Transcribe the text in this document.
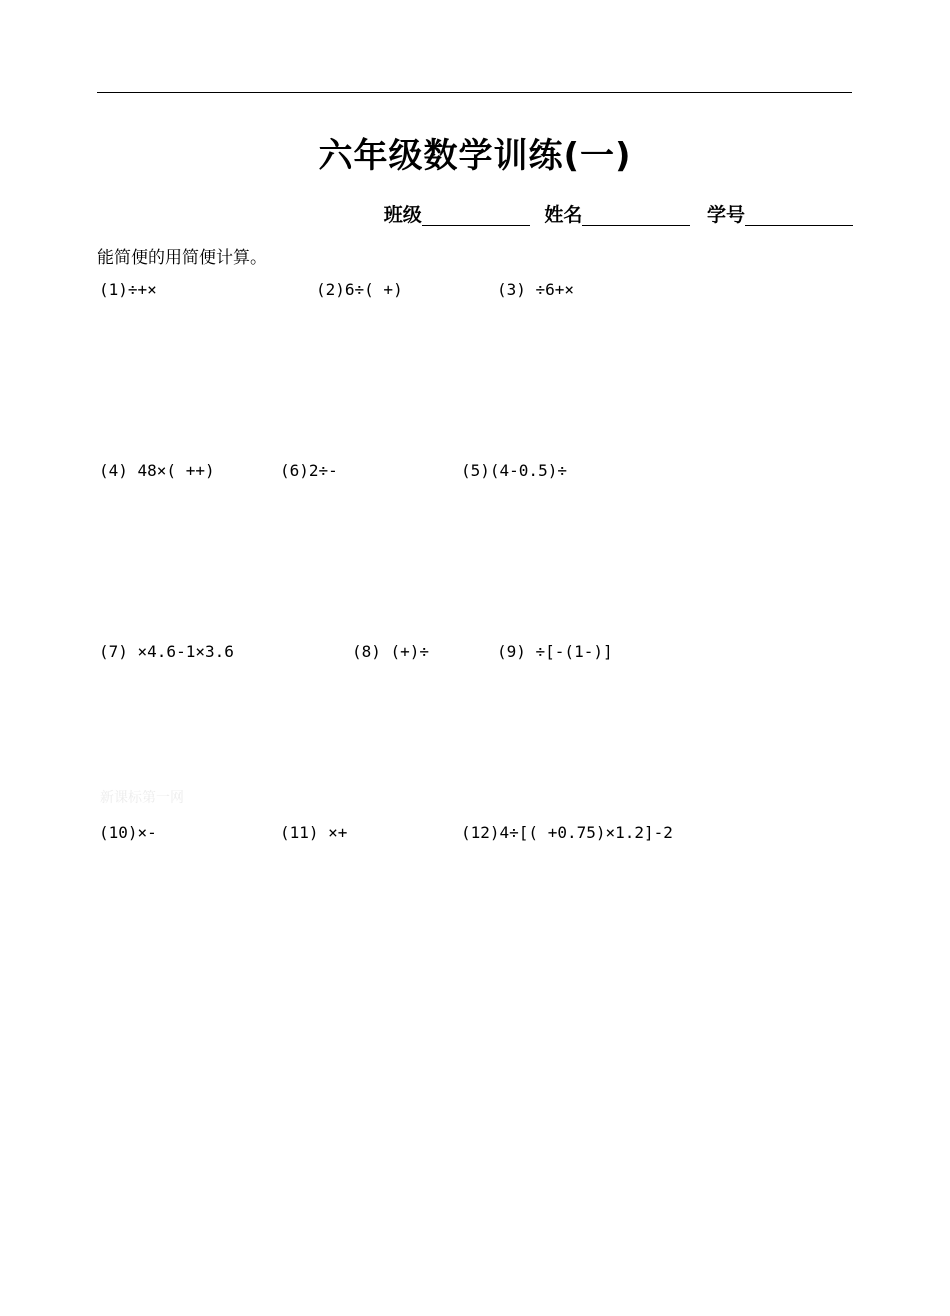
六年级数学训练(一)
班级	姓名	学号
能简便的用简便计算。
(1)÷+×	(2)6÷( +)	(3) ÷6+×
(4) 48×( ++)	(6)2÷-	(5)(4-0.5)÷
(7) ×4.6-1×3.6	(8) (+)÷	(9) ÷[-(1-)]
新课标第一网
(10)×-	(11) ×+	(12)4÷[( +0.75)×1.2]-2
